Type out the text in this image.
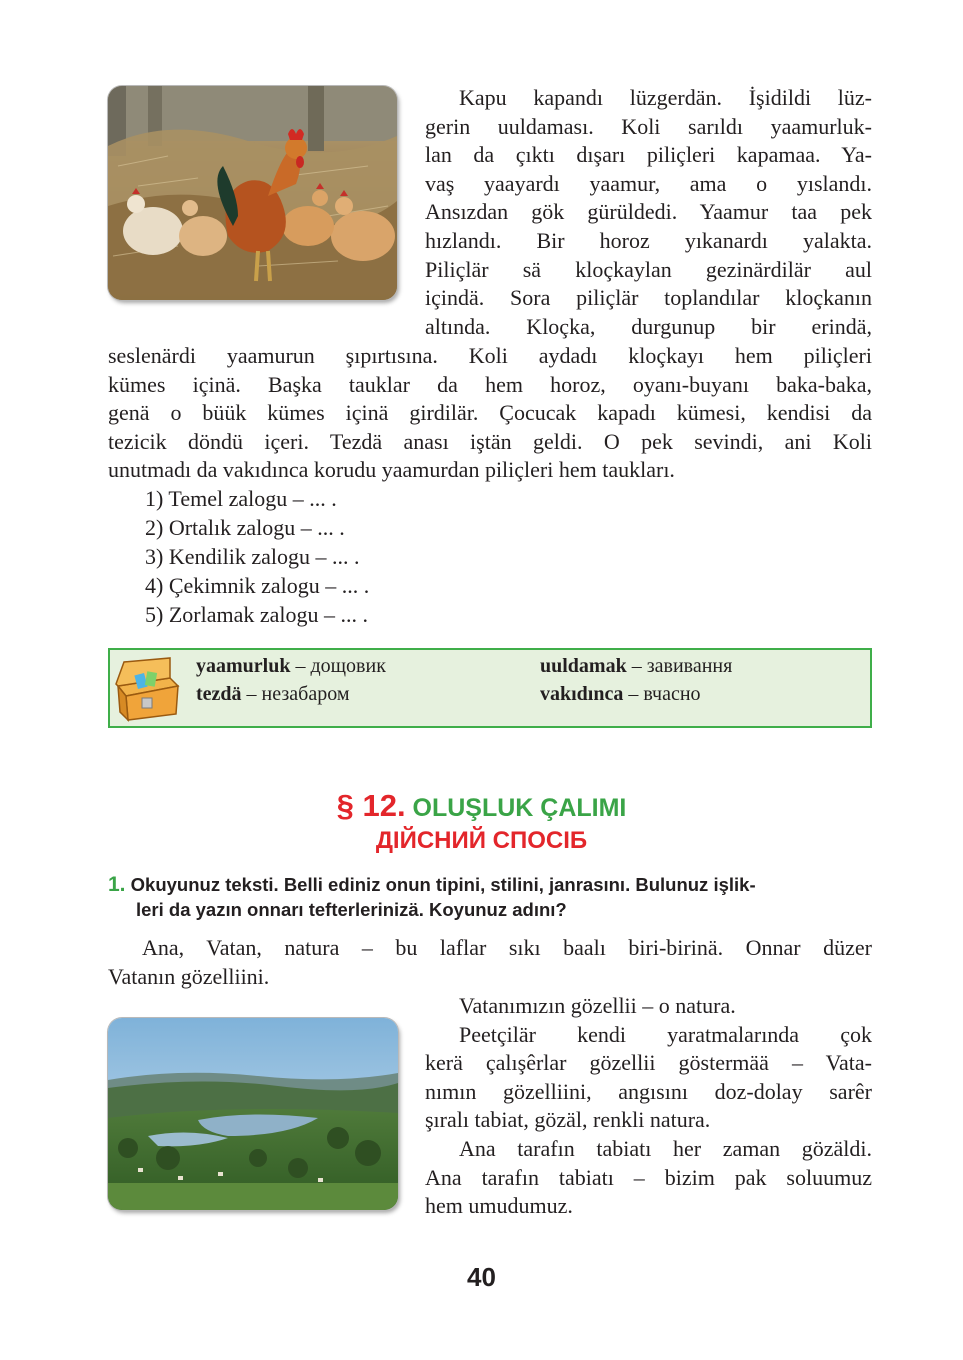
Kapu kapandı lüzgerdän. İşidildi lüz-
gerin uuldaması. Koli sarıldı yaamurluk-
lan da çıktı dışarı piliçleri kapamaa. Ya-
vaş yaayardı yaamur, ama o yıslandı.
Ansızdan gök gürüldedi. Yaamur taa pek
hızlandı. Bir horoz yıkanardı yalakta.
Piliçlär sä kloçkaylan gezinärdilär aul
içindä. Sora piliçlär toplandılar kloçkanın
altında. Kloçka, durgunup bir erindä,
seslenärdi yaamurun şıpırtısına. Koli aydadı kloçkayı hem piliçleri
kümes içinä. Başka tauklar da hem horoz, oyanı-buyanı baka-baka,
genä o büük kümes içinä girdilär. Çocucak kapadı kümesi, kendisi da
tezicik döndü içeri. Tezdä anası iştän geldi. O pek sevindi, ani Koli
unutmadı da vakıdınca korudu yaamurdan piliçleri hem taukları.
1) Temel zalogu – ... .
2) Ortalık zalogu – ... .
3) Kendilik zalogu – ... .
4) Çekimnik zalogu – ... .
5) Zorlamak zalogu – ... .
yaamurluk – дощовик
tezdä – незабаром
uuldamak – завивання
vakıdınca – вчасно
§ 12. OLUŞLUK ÇALIMI
ДІЙСНИЙ СПОСІБ
1. Okuyunuz teksti. Belli ediniz onun tipini, stilini, janrasını. Bulunuz işlik-
leri da yazın onnarı tefterlerinizä. Koyunuz adını?
Ana, Vatan, natura – bu laflar sıkı baalı biri-birinä. Onnar düzer
Vatanın gözelliini.
Vatanımızın gözellii – o natura.
Peetçilär kendi yaratmalarında çok
kerä çalışêrlar gözellii göstermää – Vata-
nımın gözelliini, angısını doz-dolay sarêr
şıralı tabiat, gözäl, renkli natura.
Ana tarafın tabiatı her zaman gözäldi.
Ana tarafın tabiatı – bizim pak soluumuz
hem umudumuz.
40
